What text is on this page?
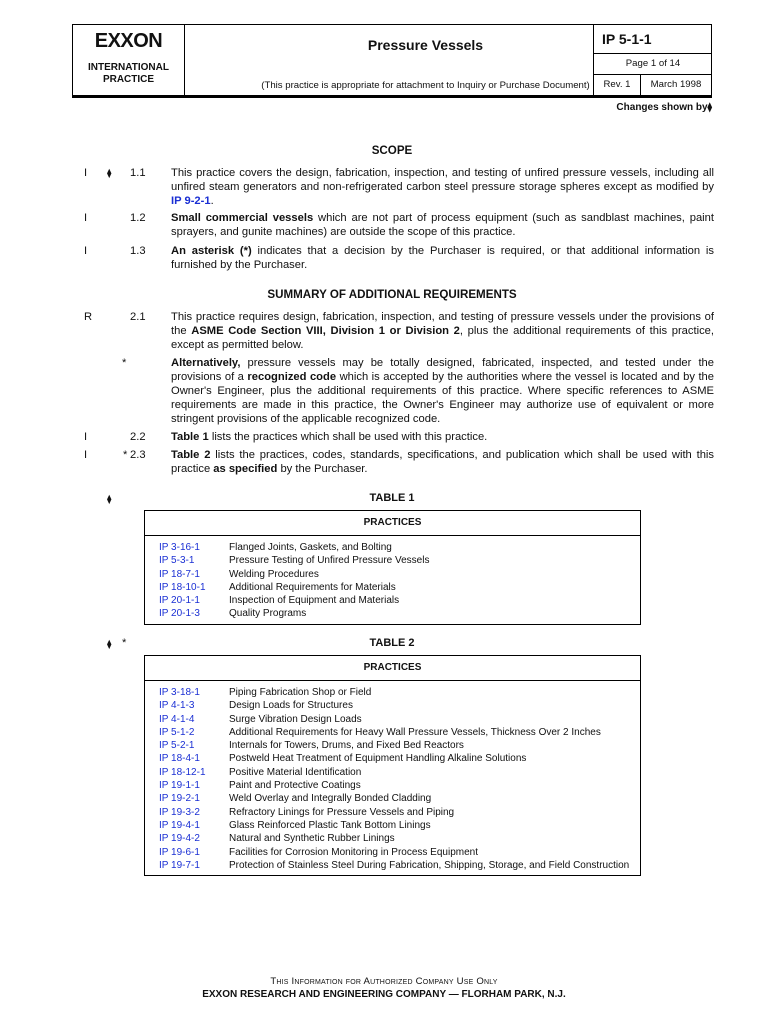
EXXON
INTERNATIONAL
PRACTICE
Pressure Vessels
(This practice is appropriate for attachment to Inquiry or Purchase Document)
IP 5-1-1
Page 1 of 14
Rev. 1	March 1998
Changes shown by⧫
SCOPE
I ⧫ 1.1 This practice covers the design, fabrication, inspection, and testing of unfired pressure vessels, including all unfired steam generators and non-refrigerated carbon steel pressure storage spheres except as modified by IP 9-2-1.
I	1.2 Small commercial vessels which are not part of process equipment (such as sandblast machines, paint sprayers, and gunite machines) are outside the scope of this practice.
I	1.3 An asterisk (*) indicates that a decision by the Purchaser is required, or that additional information is furnished by the Purchaser.
SUMMARY OF ADDITIONAL REQUIREMENTS
R	2.1 This practice requires design, fabrication, inspection, and testing of pressure vessels under the provisions of the ASME Code Section VIII, Division 1 or Division 2, plus the additional requirements of this practice, except as permitted below.
*	Alternatively, pressure vessels may be totally designed, fabricated, inspected, and tested under the provisions of a recognized code which is accepted by the authorities where the vessel is located and by the Owner's Engineer, plus the additional requirements of this practice. Where specific references to ASME requirements are made in this practice, the Owner's Engineer may authorize use of equivalent or more stringent provisions of the applicable recognized code.
I	2.2 Table 1 lists the practices which shall be used with this practice.
I	* 2.3 Table 2 lists the practices, codes, standards, specifications, and publication which shall be used with this practice as specified by the Purchaser.
⧫	TABLE 1
PRACTICES
IP 3-16-1	Flanged Joints, Gaskets, and Bolting
IP 5-3-1	Pressure Testing of Unfired Pressure Vessels
IP 18-7-1	Welding Procedures
IP 18-10-1 Additional Requirements for Materials
IP 20-1-1	Inspection of Equipment and Materials
IP 20-1-3	Quality Programs
⧫ *	TABLE 2
PRACTICES
IP 3-18-1	Piping Fabrication Shop or Field
IP 4-1-3	Design Loads for Structures
IP 4-1-4	Surge Vibration Design Loads
IP 5-1-2	Additional Requirements for Heavy Wall Pressure Vessels, Thickness Over 2 Inches
IP 5-2-1	Internals for Towers, Drums, and Fixed Bed Reactors
IP 18-4-1	Postweld Heat Treatment of Equipment Handling Alkaline Solutions
IP 18-12-1 Positive Material Identification
IP 19-1-1	Paint and Protective Coatings
IP 19-2-1	Weld Overlay and Integrally Bonded Cladding
IP 19-3-2	Refractory Linings for Pressure Vessels and Piping
IP 19-4-1	Glass Reinforced Plastic Tank Bottom Linings
IP 19-4-2	Natural and Synthetic Rubber Linings
IP 19-6-1	Facilities for Corrosion Monitoring in Process Equipment
IP 19-7-1	Protection of Stainless Steel During Fabrication, Shipping, Storage, and Field Construction
This Information for Authorized Company Use Only
EXXON RESEARCH AND ENGINEERING COMPANY — FLORHAM PARK, N.J.
